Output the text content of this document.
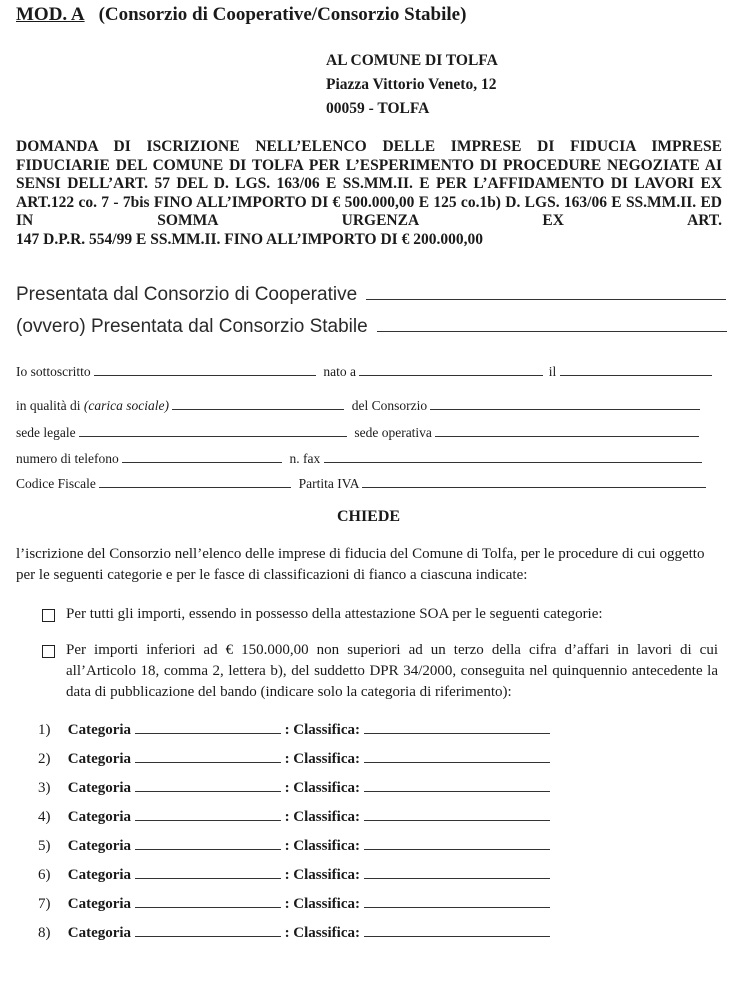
MOD. A (Consorzio di Cooperative/Consorzio Stabile)
AL COMUNE DI TOLFA
Piazza Vittorio Veneto, 12
00059 - TOLFA
DOMANDA DI ISCRIZIONE NELL’ELENCO DELLE IMPRESE DI FIDUCIA IMPRESE FIDUCIARIE DEL COMUNE DI TOLFA PER L’ESPERIMENTO DI PROCEDURE NEGOZIATE AI SENSI DELL’ART. 57 DEL D. LGS. 163/06 E SS.MM.II. E PER L’AFFIDAMENTO DI LAVORI EX ART.122 co. 7 - 7bis FINO ALL’IMPORTO DI € 500.000,00 E 125 co.1b) D. LGS. 163/06 E SS.MM.II. ED IN SOMMA URGENZA EX ART.
147 D.P.R. 554/99 E SS.MM.II. FINO ALL’IMPORTO DI € 200.000,00
Presentata dal Consorzio di Cooperative
(ovvero) Presentata dal Consorzio Stabile
Io sottoscritto	nato a	il
in qualità di (carica sociale)	del Consorzio
sede legale	sede operativa
numero di telefono	n. fax
Codice Fiscale	Partita IVA
CHIEDE
l’iscrizione del Consorzio nell’elenco delle imprese di fiducia del Comune di Tolfa, per le procedure di cui oggetto per le seguenti categorie e per le fasce di classificazioni di fianco a ciascuna indicate:
Per tutti gli importi, essendo in possesso della attestazione SOA per le seguenti categorie:
Per importi inferiori ad € 150.000,00 non superiori ad un terzo della cifra d’affari in lavori di cui all’Articolo 18, comma 2, lettera b), del suddetto DPR 34/2000, conseguita nel quinquennio antecedente la data di pubblicazione del bando (indicare solo la categoria di riferimento):
1) Categoria	: Classifica:
2) Categoria	: Classifica:
3) Categoria	: Classifica:
4) Categoria	: Classifica:
5) Categoria	: Classifica:
6) Categoria	: Classifica:
7) Categoria	: Classifica:
8) Categoria	: Classifica:
